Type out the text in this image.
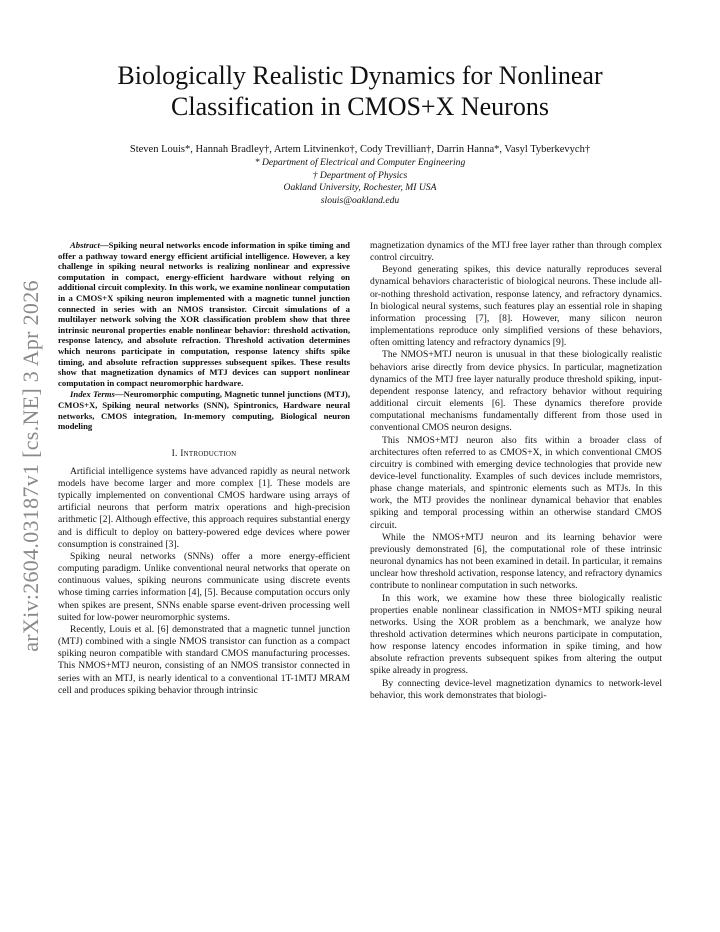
arXiv:2604.03187v1 [cs.NE] 3 Apr 2026
Biologically Realistic Dynamics for Nonlinear
Classification in CMOS+X Neurons
Steven Louis*, Hannah Bradley†, Artem Litvinenko†, Cody Trevillian†, Darrin Hanna*, Vasyl Tyberkevych†
* Department of Electrical and Computer Engineering
† Department of Physics
Oakland University, Rochester, MI USA
slouis@oakland.edu

Abstract—Spiking neural networks encode information in spike timing and offer a pathway toward energy efficient artificial intelligence. However, a key challenge in spiking neural networks is realizing nonlinear and expressive computation in compact, energy-efficient hardware without relying on additional circuit complexity. In this work, we examine nonlinear computation in a CMOS+X spiking neuron implemented with a magnetic tunnel junction connected in series with an NMOS transistor. Circuit simulations of a multilayer network solving the XOR classification problem show that three intrinsic neuronal properties enable nonlinear behavior: threshold activation, response latency, and absolute refraction. Threshold activation determines which neurons participate in computation, response latency shifts spike timing, and absolute refraction suppresses subsequent spikes. These results show that magnetization dynamics of MTJ devices can support nonlinear computation in compact neuromorphic hardware.

Index Terms—Neuromorphic computing, Magnetic tunnel junctions (MTJ), CMOS+X, Spiking neural networks (SNN), Spintronics, Hardware neural networks, CMOS integration, In-memory computing, Biological neuron modeling

I. Introduction

Artificial intelligence systems have advanced rapidly as neural network models have become larger and more complex [1]. These models are typically implemented on conventional CMOS hardware using arrays of artificial neurons that perform matrix operations and high-precision arithmetic [2]. Although effective, this approach requires substantial energy and is difficult to deploy on battery-powered edge devices where power consumption is constrained [3].

Spiking neural networks (SNNs) offer a more energy-efficient computing paradigm. Unlike conventional neural networks that operate on continuous values, spiking neurons communicate using discrete events whose timing carries information [4], [5]. Because computation occurs only when spikes are present, SNNs enable sparse event-driven processing well suited for low-power neuromorphic systems.

Recently, Louis et al. [6] demonstrated that a magnetic tunnel junction (MTJ) combined with a single NMOS transistor can function as a compact spiking neuron compatible with standard CMOS manufacturing processes. This NMOS+MTJ neuron, consisting of an NMOS transistor connected in series with an MTJ, is nearly identical to a conventional 1T-1MTJ MRAM cell and produces spiking behavior through intrinsic

magnetization dynamics of the MTJ free layer rather than through complex control circuitry.

Beyond generating spikes, this device naturally reproduces several dynamical behaviors characteristic of biological neurons. These include all-or-nothing threshold activation, response latency, and refractory dynamics. In biological neural systems, such features play an essential role in shaping information processing [7], [8]. However, many silicon neuron implementations reproduce only simplified versions of these behaviors, often omitting latency and refractory dynamics [9].

The NMOS+MTJ neuron is unusual in that these biologically realistic behaviors arise directly from device physics. In particular, magnetization dynamics of the MTJ free layer naturally produce threshold spiking, input-dependent response latency, and refractory behavior without requiring additional circuit elements [6]. These dynamics therefore provide computational mechanisms fundamentally different from those used in conventional CMOS neuron designs.

This NMOS+MTJ neuron also fits within a broader class of architectures often referred to as CMOS+X, in which conventional CMOS circuitry is combined with emerging device technologies that provide new device-level functionality. Examples of such devices include memristors, phase change materials, and spintronic elements such as MTJs. In this work, the MTJ provides the nonlinear dynamical behavior that enables spiking and temporal processing within an otherwise standard CMOS circuit.

While the NMOS+MTJ neuron and its learning behavior were previously demonstrated [6], the computational role of these intrinsic neuronal dynamics has not been examined in detail. In particular, it remains unclear how threshold activation, response latency, and refractory dynamics contribute to nonlinear computation in such networks.

In this work, we examine how these three biologically realistic properties enable nonlinear classification in NMOS+MTJ spiking neural networks. Using the XOR problem as a benchmark, we analyze how threshold activation determines which neurons participate in computation, how response latency encodes information in spike timing, and how absolute refraction prevents subsequent spikes from altering the output spike already in progress.

By connecting device-level magnetization dynamics to network-level behavior, this work demonstrates that biologi-
